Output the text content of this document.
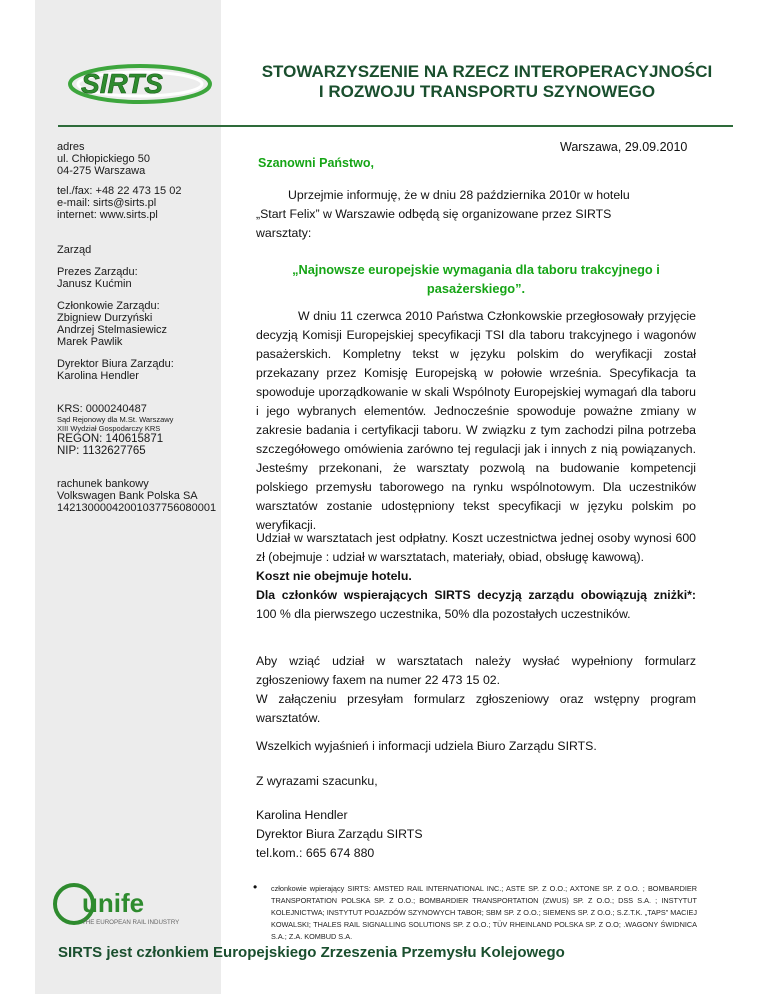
SIRTS	STOWARZYSZENIE NA RZECZ INTEROPERACYJNOŚCI
I ROZWOJU TRANSPORTU SZYNOWEGO
adres
ul. Chłopickiego 50
04-275 Warszawa
tel./fax: +48 22 473 15 02
e-mail: sirts@sirts.pl
internet: www.sirts.pl
Zarząd
Prezes Zarządu:
Janusz Kućmin
Członkowie Zarządu:
Zbigniew Durzyński
Andrzej Stelmasiewicz
Marek Pawlik
Dyrektor Biura Zarządu:
Karolina Hendler
KRS: 0000240487
Sąd Rejonowy dla M.St. Warszawy
XIII Wydział Gospodarczy KRS
REGON: 140615871
NIP: 1132627765
rachunek bankowy
Volkswagen Bank Polska SA
14213000042001037756080001
Warszawa, 29.09.2010
Szanowni Państwo,
Uprzejmie informuję, że w dniu 28 października 2010r w hotelu
„Start Felix” w Warszawie odbędą się organizowane przez SIRTS
warsztaty:
„Najnowsze europejskie wymagania dla taboru trakcyjnego i
pasażerskiego”.

W dniu 11 czerwca 2010 Państwa Członkowskie przegłosowały przyjęcie decyzją Komisji Europejskiej specyfikacji TSI dla taboru trakcyjnego i wagonów pasażerskich. Kompletny tekst w języku polskim do weryfikacji został przekazany przez Komisję Europejską w połowie września. Specyfikacja ta spowoduje uporządkowanie w skali Wspólnoty Europejskiej wymagań dla taboru i jego wybranych elementów. Jednocześnie spowoduje poważne zmiany w zakresie badania i certyfikacji taboru. W związku z tym zachodzi pilna potrzeba szczegółowego omówienia zarówno tej regulacji jak i innych z nią powiązanych. Jesteśmy przekonani, że warsztaty pozwolą na budowanie kompetencji polskiego przemysłu taborowego na rynku wspólnotowym. Dla uczestników warsztatów zostanie udostępniony tekst specyfikacji w języku polskim po weryfikacji.

Udział w warsztatach jest odpłatny. Koszt uczestnictwa jednej osoby wynosi 600 zł (obejmuje : udział w warsztatach, materiały, obiad, obsługę kawową).

Koszt nie obejmuje hotelu.

Dla członków wspierających SIRTS decyzją zarządu obowiązują zniżki*: 100 % dla pierwszego uczestnika, 50% dla pozostałych uczestników.

Aby wziąć udział w warsztatach należy wysłać wypełniony formularz zgłoszeniowy faxem na numer 22 473 15 02.

W załączeniu przesyłam formularz zgłoszeniowy oraz wstępny program warsztatów.

Wszelkich wyjaśnień i informacji udziela Biuro Zarządu SIRTS.

Z wyrazami szacunku,

Karolina Hendler
Dyrektor Biura Zarządu SIRTS
tel.kom.: 665 674 880
unife
THE EUROPEAN RAIL INDUSTRY
• członkowie wpierający SIRTS: AMSTED RAIL INTERNATIONAL INC.; ASTE SP. Z O.O.; AXTONE SP. Z O.O. ; BOMBARDIER TRANSPORTATION POLSKA SP. Z O.O.; BOMBARDIER TRANSPORTATION (ZWUS) SP. Z O.O.; DSS S.A. ; INSTYTUT KOLEJNICTWA; INSTYTUT POJAZDÓW SZYNOWYCH TABOR; SBM SP. Z O.O.; SIEMENS SP. Z O.O.; S.Z.T.K. „TAPS” MACIEJ KOWALSKI; THALES RAIL SIGNALLING SOLUTIONS SP. Z O.O.; TÜV RHEINLAND POLSKA SP. Z O.O; .WAGONY ŚWIDNICA S.A.; Z.A. KOMBUD S.A.
SIRTS jest członkiem Europejskiego Zrzeszenia Przemysłu Kolejowego
